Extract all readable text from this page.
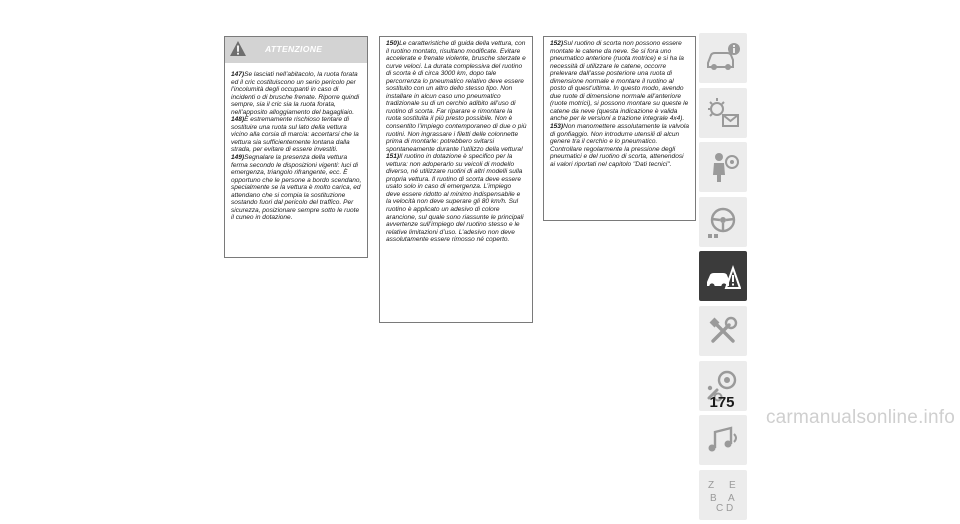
ATTENZIONE

147)Se lasciati nell’abitacolo, la ruota forata ed il cric costituiscono un serio pericolo per l’incolumità degli occupanti in caso di incidenti o di brusche frenate. Riporre quindi sempre, sia il cric sia la ruota forata, nell’apposito alloggiamento del bagagliaio.

148)È estremamente rischioso tentare di sostituire una ruota sul lato della vettura vicino alla corsia di marcia: accertarsi che la vettura sia sufficientemente lontana dalla strada, per evitare di essere investiti.

149)Segnalare la presenza della vettura ferma secondo le disposizioni vigenti: luci di emergenza, triangolo rifrangente, ecc. È opportuno che le persone a bordo scendano, specialmente se la vettura è molto carica, ed attendano che si compia la sostituzione sostando fuori dal pericolo del traffico. Per sicurezza, posizionare sempre sotto le ruote il cuneo in dotazione.

150)Le caratteristiche di guida della vettura, con il ruotino montato, risultano modificate. Evitare accelerate e frenate violente, brusche sterzate e curve veloci. La durata complessiva del ruotino di scorta è di circa 3000 km, dopo tale percorrenza lo pneumatico relativo deve essere sostituito con un altro dello stesso tipo. Non installare in alcun caso uno pneumatico tradizionale su di un cerchio adibito all’uso di ruotino di scorta. Far riparare e rimontare la ruota sostituita il più presto possibile. Non è consentito l’impiego contemporaneo di due o più ruotini. Non ingrassare i filetti delle colonnette prima di montarle: potrebbero svitarsi spontaneamente durante l’utilizzo della vettura!

151)Il ruotino in dotazione è specifico per la vettura: non adoperarlo su veicoli di modello diverso, né utilizzare ruotini di altri modelli sulla propria vettura. Il ruotino di scorta deve essere usato solo in caso di emergenza. L’impiego deve essere ridotto al minimo indispensabile e la velocità non deve superare gli 80 km/h. Sul ruotino è applicato un adesivo di colore arancione, sul quale sono riassunte le principali avvertenze sull’impiego del ruotino stesso e le relative limitazioni d’uso. L’adesivo non deve assolutamente essere rimosso né coperto.

152)Sul ruotino di scorta non possono essere montate le catene da neve. Se si fora uno pneumatico anteriore (ruota motrice) e si ha la necessità di utilizzare le catene, occorre prelevare dall’asse posteriore una ruota di dimensione normale e montare il ruotino al posto di quest’ultima. In questo modo, avendo due ruote di dimensione normale all’anteriore (ruote motrici), si possono montare su queste le catene da neve (questa indicazione è valida anche per le versioni a trazione integrale 4x4).

153)Non manomettere assolutamente la valvola di gonfiaggio. Non introdurre utensili di alcun genere tra il cerchio e lo pneumatico. Controllare regolarmente la pressione degli pneumatici e del ruotino di scorta, attenendosi ai valori riportati nel capitolo "Dati tecnici".

Z E
B A
C D
175
carmanualsonline.info
